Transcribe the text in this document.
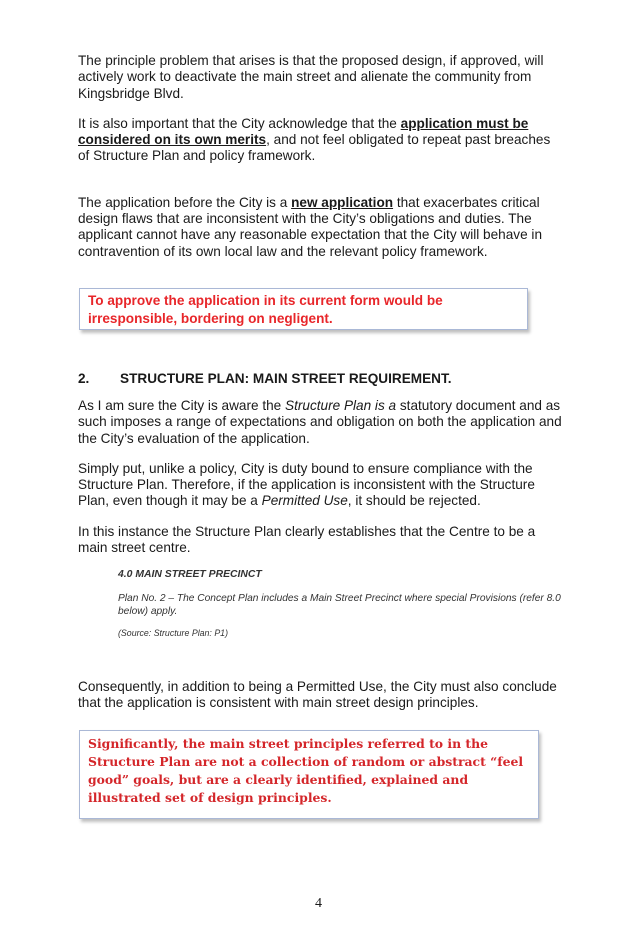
The principle problem that arises is that the proposed design, if approved, will actively work to deactivate the main street and alienate the community from Kingsbridge Blvd.

It is also important that the City acknowledge that the application must be considered on its own merits, and not feel obligated to repeat past breaches of Structure Plan and policy framework.

The application before the City is a new application that exacerbates critical design flaws that are inconsistent with the City’s obligations and duties. The applicant cannot have any reasonable expectation that the City will behave in contravention of its own local law and the relevant policy framework.

To approve the application in its current form would be irresponsible, bordering on negligent.
2. STRUCTURE PLAN: MAIN STREET REQUIREMENT.

As I am sure the City is aware the Structure Plan is a statutory document and as such imposes a range of expectations and obligation on both the application and the City’s evaluation of the application.

Simply put, unlike a policy, City is duty bound to ensure compliance with the Structure Plan. Therefore, if the application is inconsistent with the Structure Plan, even though it may be a Permitted Use, it should be rejected.

In this instance the Structure Plan clearly establishes that the Centre to be a main street centre.

4.0 MAIN STREET PRECINCT
Plan No. 2 – The Concept Plan includes a Main Street Precinct where special Provisions (refer 8.0 below) apply.
(Source: Structure Plan: P1)

Consequently, in addition to being a Permitted Use, the City must also conclude that the application is consistent with main street design principles.

Significantly, the main street principles referred to in the Structure Plan are not a collection of random or abstract “feel good” goals, but are a clearly identified, explained and illustrated set of design principles.
4
